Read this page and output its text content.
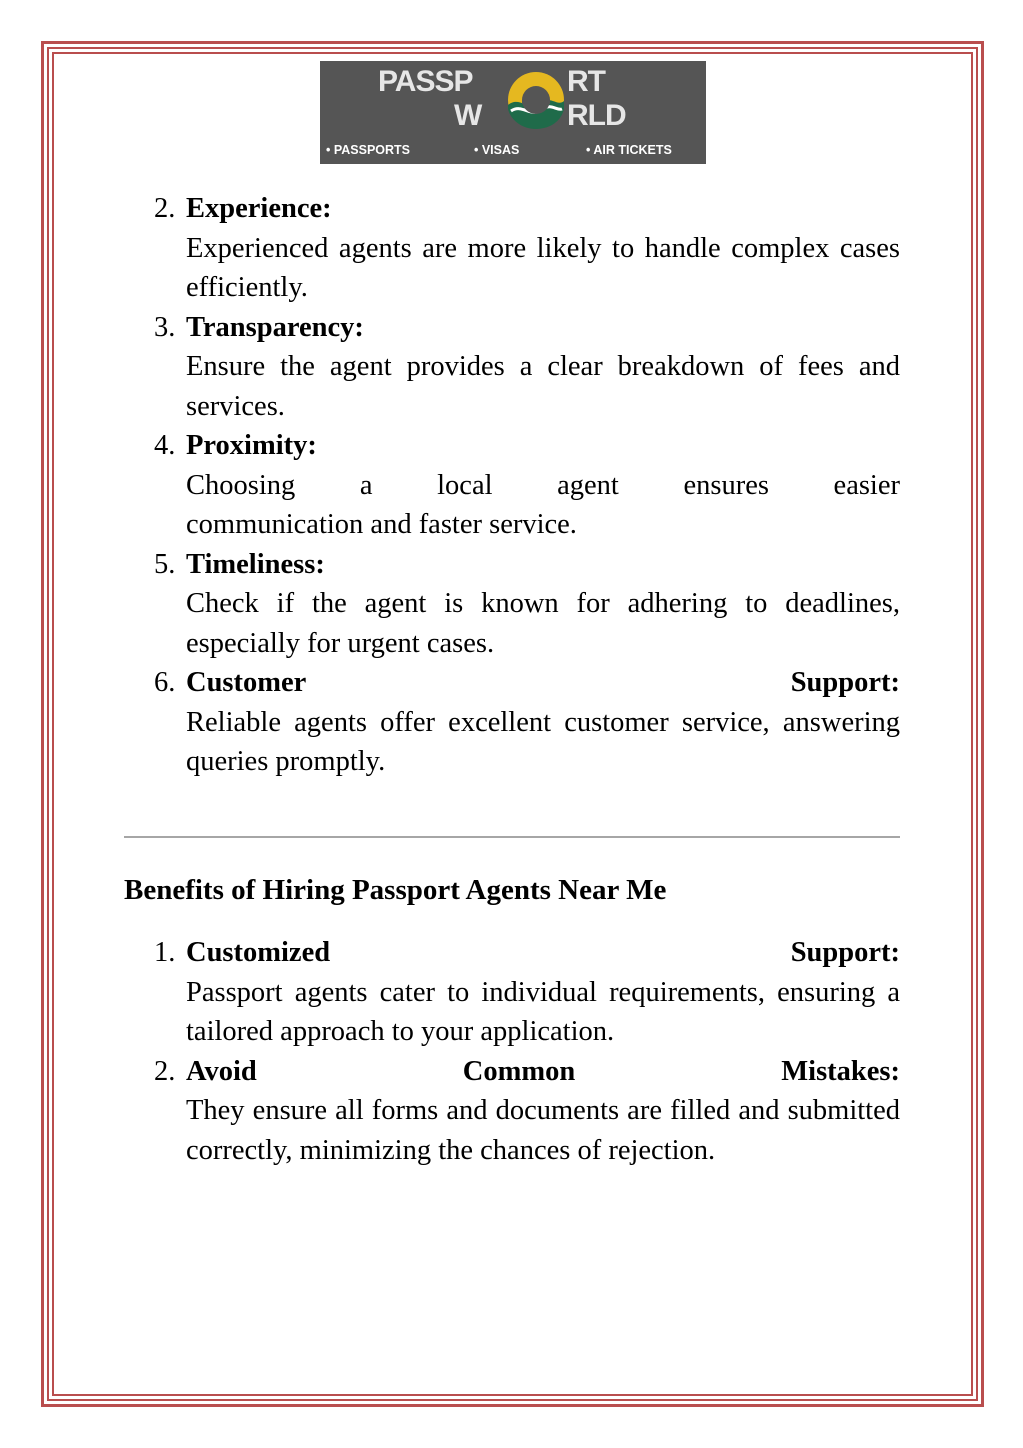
PASSP	RT
W	RLD
• PASSPORTS	• VISAS	• AIR TICKETS
2. Experience:
Experienced agents are more likely to handle complex cases efficiently.
3. Transparency:
Ensure the agent provides a clear breakdown of fees and services.
4. Proximity:
Choosing a local agent ensures easier
communication and faster service.
5. Timeliness:
Check if the agent is known for adhering to deadlines, especially for urgent cases.
6. Customer	Support:
Reliable agents offer excellent customer service, answering queries promptly.
Benefits of Hiring Passport Agents Near Me
1. Customized	Support:
Passport agents cater to individual requirements, ensuring a tailored approach to your application.
2. Avoid	Common	Mistakes:
They ensure all forms and documents are filled and submitted correctly, minimizing the chances of rejection.
